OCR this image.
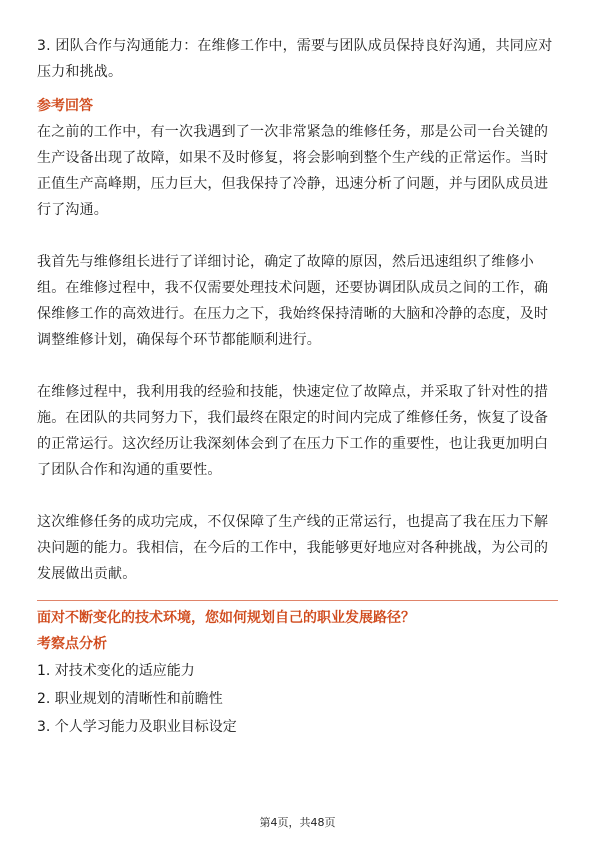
3. 团队合作与沟通能力：在维修工作中，需要与团队成员保持良好沟通，共同应对压力和挑战。

参考回答

在之前的工作中，有一次我遇到了一次非常紧急的维修任务，那是公司一台关键的生产设备出现了故障，如果不及时修复，将会影响到整个生产线的正常运作。当时正值生产高峰期，压力巨大，但我保持了冷静，迅速分析了问题，并与团队成员进行了沟通。

我首先与维修组长进行了详细讨论，确定了故障的原因，然后迅速组织了维修小组。在维修过程中，我不仅需要处理技术问题，还要协调团队成员之间的工作，确保维修工作的高效进行。在压力之下，我始终保持清晰的大脑和冷静的态度，及时调整维修计划，确保每个环节都能顺利进行。

在维修过程中，我利用我的经验和技能，快速定位了故障点，并采取了针对性的措施。在团队的共同努力下，我们最终在限定的时间内完成了维修任务，恢复了设备的正常运行。这次经历让我深刻体会到了在压力下工作的重要性，也让我更加明白了团队合作和沟通的重要性。

这次维修任务的成功完成，不仅保障了生产线的正常运行，也提高了我在压力下解决问题的能力。我相信，在今后的工作中，我能够更好地应对各种挑战，为公司的发展做出贡献。

面对不断变化的技术环境，您如何规划自己的职业发展路径？

考察点分析

1. 对技术变化的适应能力

2. 职业规划的清晰性和前瞻性

3. 个人学习能力及职业目标设定

第4页，共48页
